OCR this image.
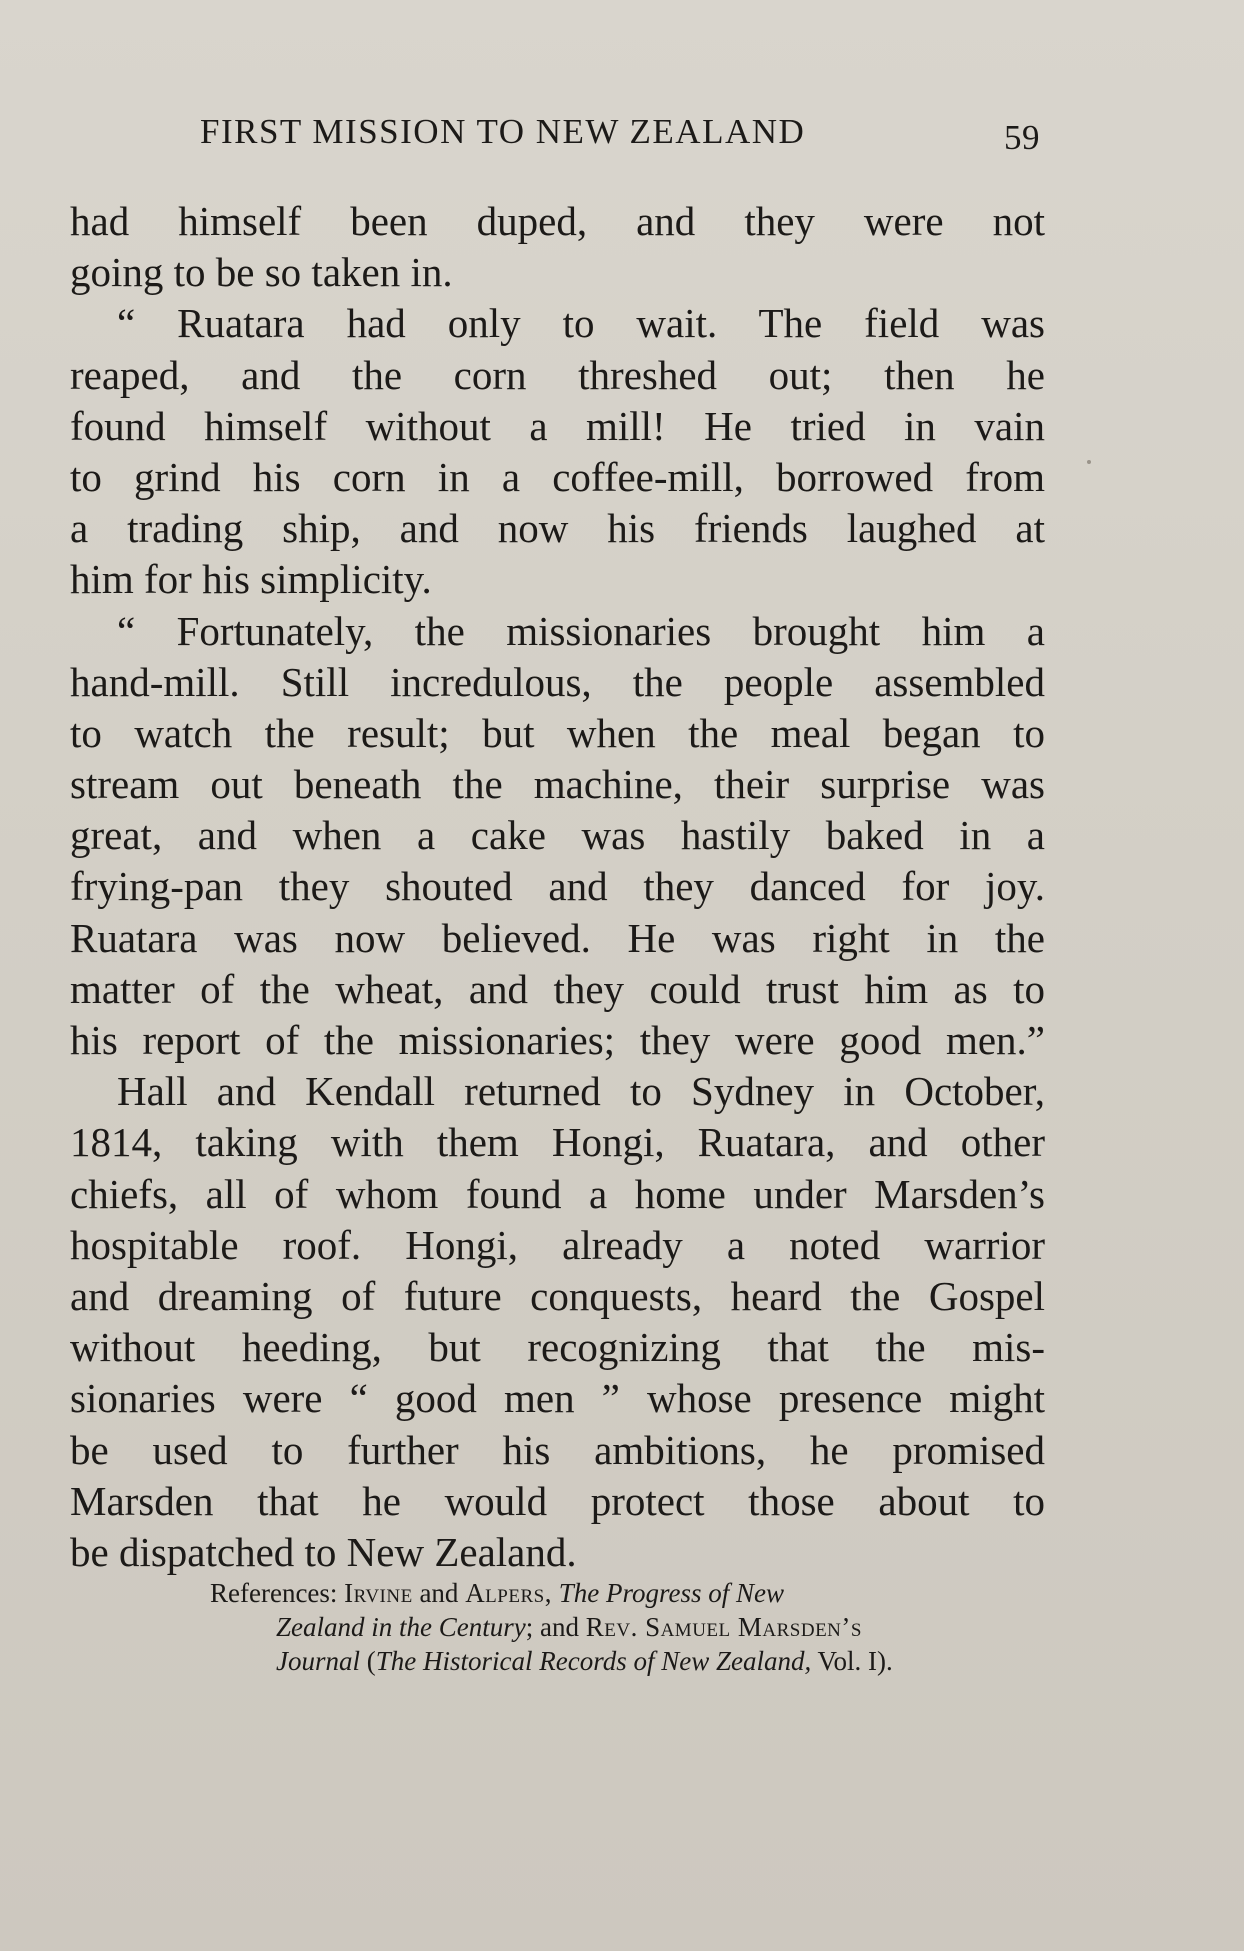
FIRST MISSION TO NEW ZEALAND	59
had himself been duped, and they were not
going to be so taken in.
“ Ruatara had only to wait. The field was
reaped, and the corn threshed out; then he
found himself without a mill! He tried in vain
to grind his corn in a coffee-mill, borrowed from
a trading ship, and now his friends laughed at
him for his simplicity.
“ Fortunately, the missionaries brought him a
hand-mill. Still incredulous, the people assembled
to watch the result; but when the meal began to
stream out beneath the machine, their surprise was
great, and when a cake was hastily baked in a
frying-pan they shouted and they danced for joy.
Ruatara was now believed. He was right in the
matter of the wheat, and they could trust him as to
his report of the missionaries; they were good men.”
Hall and Kendall returned to Sydney in October,
1814, taking with them Hongi, Ruatara, and other
chiefs, all of whom found a home under Marsden’s
hospitable roof. Hongi, already a noted warrior
and dreaming of future conquests, heard the Gospel
without heeding, but recognizing that the mis-
sionaries were “ good men ” whose presence might
be used to further his ambitions, he promised
Marsden that he would protect those about to
be dispatched to New Zealand.
References: Irvine and Alpers, The Progress of New
Zealand in the Century; and Rev. Samuel Marsden’s
Journal (The Historical Records of New Zealand, Vol. I).
